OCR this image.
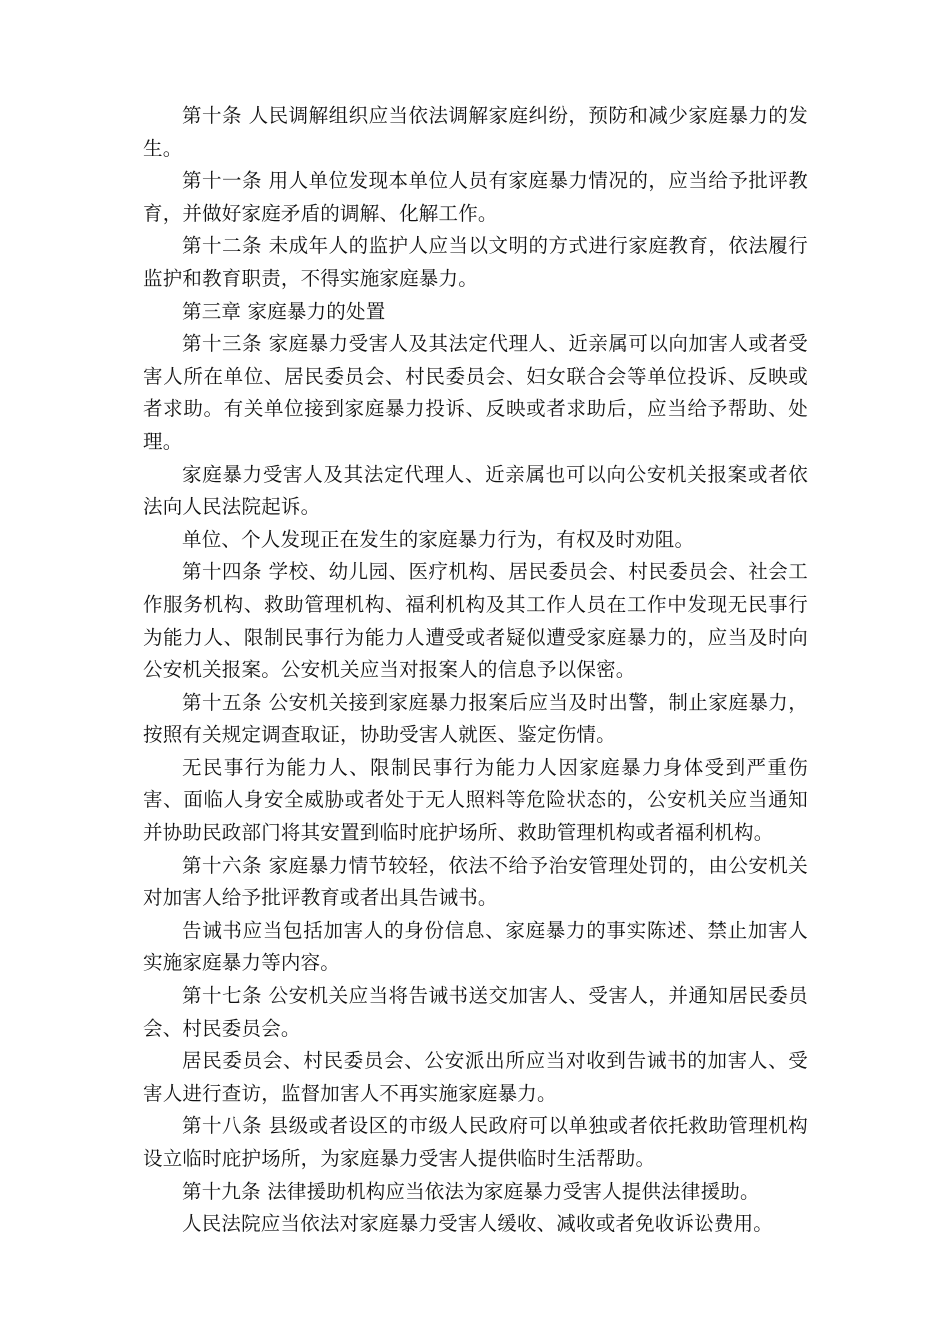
第十条 人民调解组织应当依法调解家庭纠纷，预防和减少家庭暴力的发生。

第十一条 用人单位发现本单位人员有家庭暴力情况的，应当给予批评教育，并做好家庭矛盾的调解、化解工作。

第十二条 未成年人的监护人应当以文明的方式进行家庭教育，依法履行监护和教育职责，不得实施家庭暴力。

第三章 家庭暴力的处置

第十三条 家庭暴力受害人及其法定代理人、近亲属可以向加害人或者受害人所在单位、居民委员会、村民委员会、妇女联合会等单位投诉、反映或者求助。有关单位接到家庭暴力投诉、反映或者求助后，应当给予帮助、处理。

家庭暴力受害人及其法定代理人、近亲属也可以向公安机关报案或者依法向人民法院起诉。

单位、个人发现正在发生的家庭暴力行为，有权及时劝阻。

第十四条 学校、幼儿园、医疗机构、居民委员会、村民委员会、社会工作服务机构、救助管理机构、福利机构及其工作人员在工作中发现无民事行为能力人、限制民事行为能力人遭受或者疑似遭受家庭暴力的，应当及时向公安机关报案。公安机关应当对报案人的信息予以保密。

第十五条 公安机关接到家庭暴力报案后应当及时出警，制止家庭暴力，按照有关规定调查取证，协助受害人就医、鉴定伤情。

无民事行为能力人、限制民事行为能力人因家庭暴力身体受到严重伤害、面临人身安全威胁或者处于无人照料等危险状态的，公安机关应当通知并协助民政部门将其安置到临时庇护场所、救助管理机构或者福利机构。

第十六条 家庭暴力情节较轻，依法不给予治安管理处罚的，由公安机关对加害人给予批评教育或者出具告诫书。

告诫书应当包括加害人的身份信息、家庭暴力的事实陈述、禁止加害人实施家庭暴力等内容。

第十七条 公安机关应当将告诫书送交加害人、受害人，并通知居民委员会、村民委员会。

居民委员会、村民委员会、公安派出所应当对收到告诫书的加害人、受害人进行查访，监督加害人不再实施家庭暴力。

第十八条 县级或者设区的市级人民政府可以单独或者依托救助管理机构设立临时庇护场所，为家庭暴力受害人提供临时生活帮助。

第十九条 法律援助机构应当依法为家庭暴力受害人提供法律援助。

人民法院应当依法对家庭暴力受害人缓收、减收或者免收诉讼费用。
